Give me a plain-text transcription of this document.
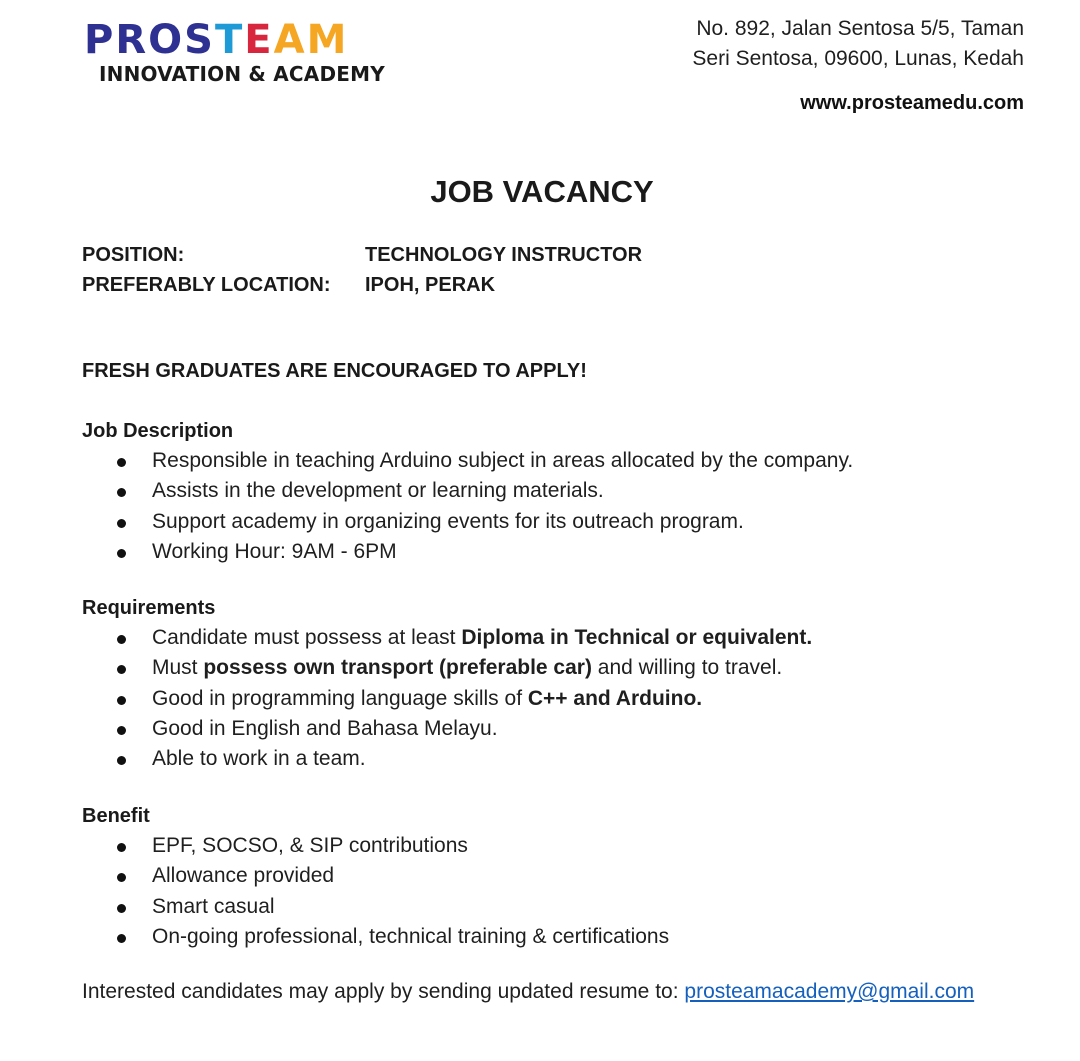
PROSTEAM
INNOVATION & ACADEMY
No. 892, Jalan Sentosa 5/5, Taman
Seri Sentosa, 09600, Lunas, Kedah
www.prosteamedu.com
JOB VACANCY
POSITION:	TECHNOLOGY INSTRUCTOR
PREFERABLY LOCATION: IPOH, PERAK
FRESH GRADUATES ARE ENCOURAGED TO APPLY!
Job Description
Responsible in teaching Arduino subject in areas allocated by the company.
Assists in the development or learning materials.
Support academy in organizing events for its outreach program.
Working Hour: 9AM - 6PM
Requirements
Candidate must possess at least Diploma in Technical or equivalent.
Must possess own transport (preferable car) and willing to travel.
Good in programming language skills of C++ and Arduino.
Good in English and Bahasa Melayu.
Able to work in a team.
Benefit
EPF, SOCSO, & SIP contributions
Allowance provided
Smart casual
On-going professional, technical training & certifications
Interested candidates may apply by sending updated resume to: prosteamacademy@gmail.com
